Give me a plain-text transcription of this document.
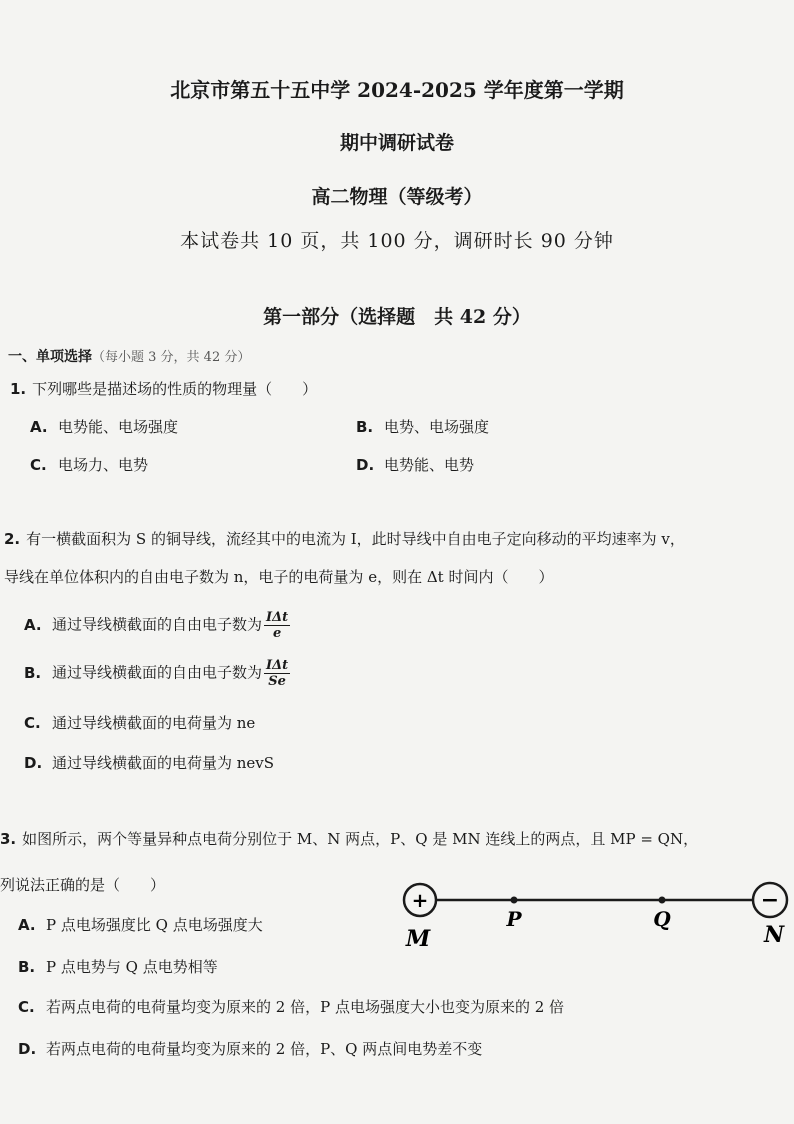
北京市第五十五中学 2024-2025 学年度第一学期
期中调研试卷
高二物理（等级考）
本试卷共 10 页，共 100 分，调研时长 90 分钟
第一部分（选择题　共 42 分）
一、单项选择（每小题 3 分，共 42 分）
1. 下列哪些是描述场的性质的物理量（　　）
A. 电势能、电场强度	B. 电势、电场强度
C. 电场力、电势	D. 电势能、电势
2. 有一横截面积为 S 的铜导线，流经其中的电流为 I，此时导线中自由电子定向移动的平均速率为 v，
导线在单位体积内的自由电子数为 n，电子的电荷量为 e，则在 Δt 时间内（　　）
A. 通过导线横截面的自由电子数为 $\frac{\text{IΔt}}{e}$
B. 通过导线横截面的自由电子数为 $\frac{\text{IΔt}}{Se}$
C. 通过导线横截面的电荷量为 ne
D. 通过导线横截面的电荷量为 nevS
3. 如图所示，两个等量异种点电荷分别位于 M、N 两点，P、Q 是 MN 连线上的两点，且 MP = QN，
列说法正确的是（　　）
+	−
P	Q
M	N
A. P 点电场强度比 Q 点电场强度大
B. P 点电势与 Q 点电势相等
C. 若两点电荷的电荷量均变为原来的 2 倍，P 点电场强度大小也变为原来的 2 倍
D. 若两点电荷的电荷量均变为原来的 2 倍，P、Q 两点间电势差不变
